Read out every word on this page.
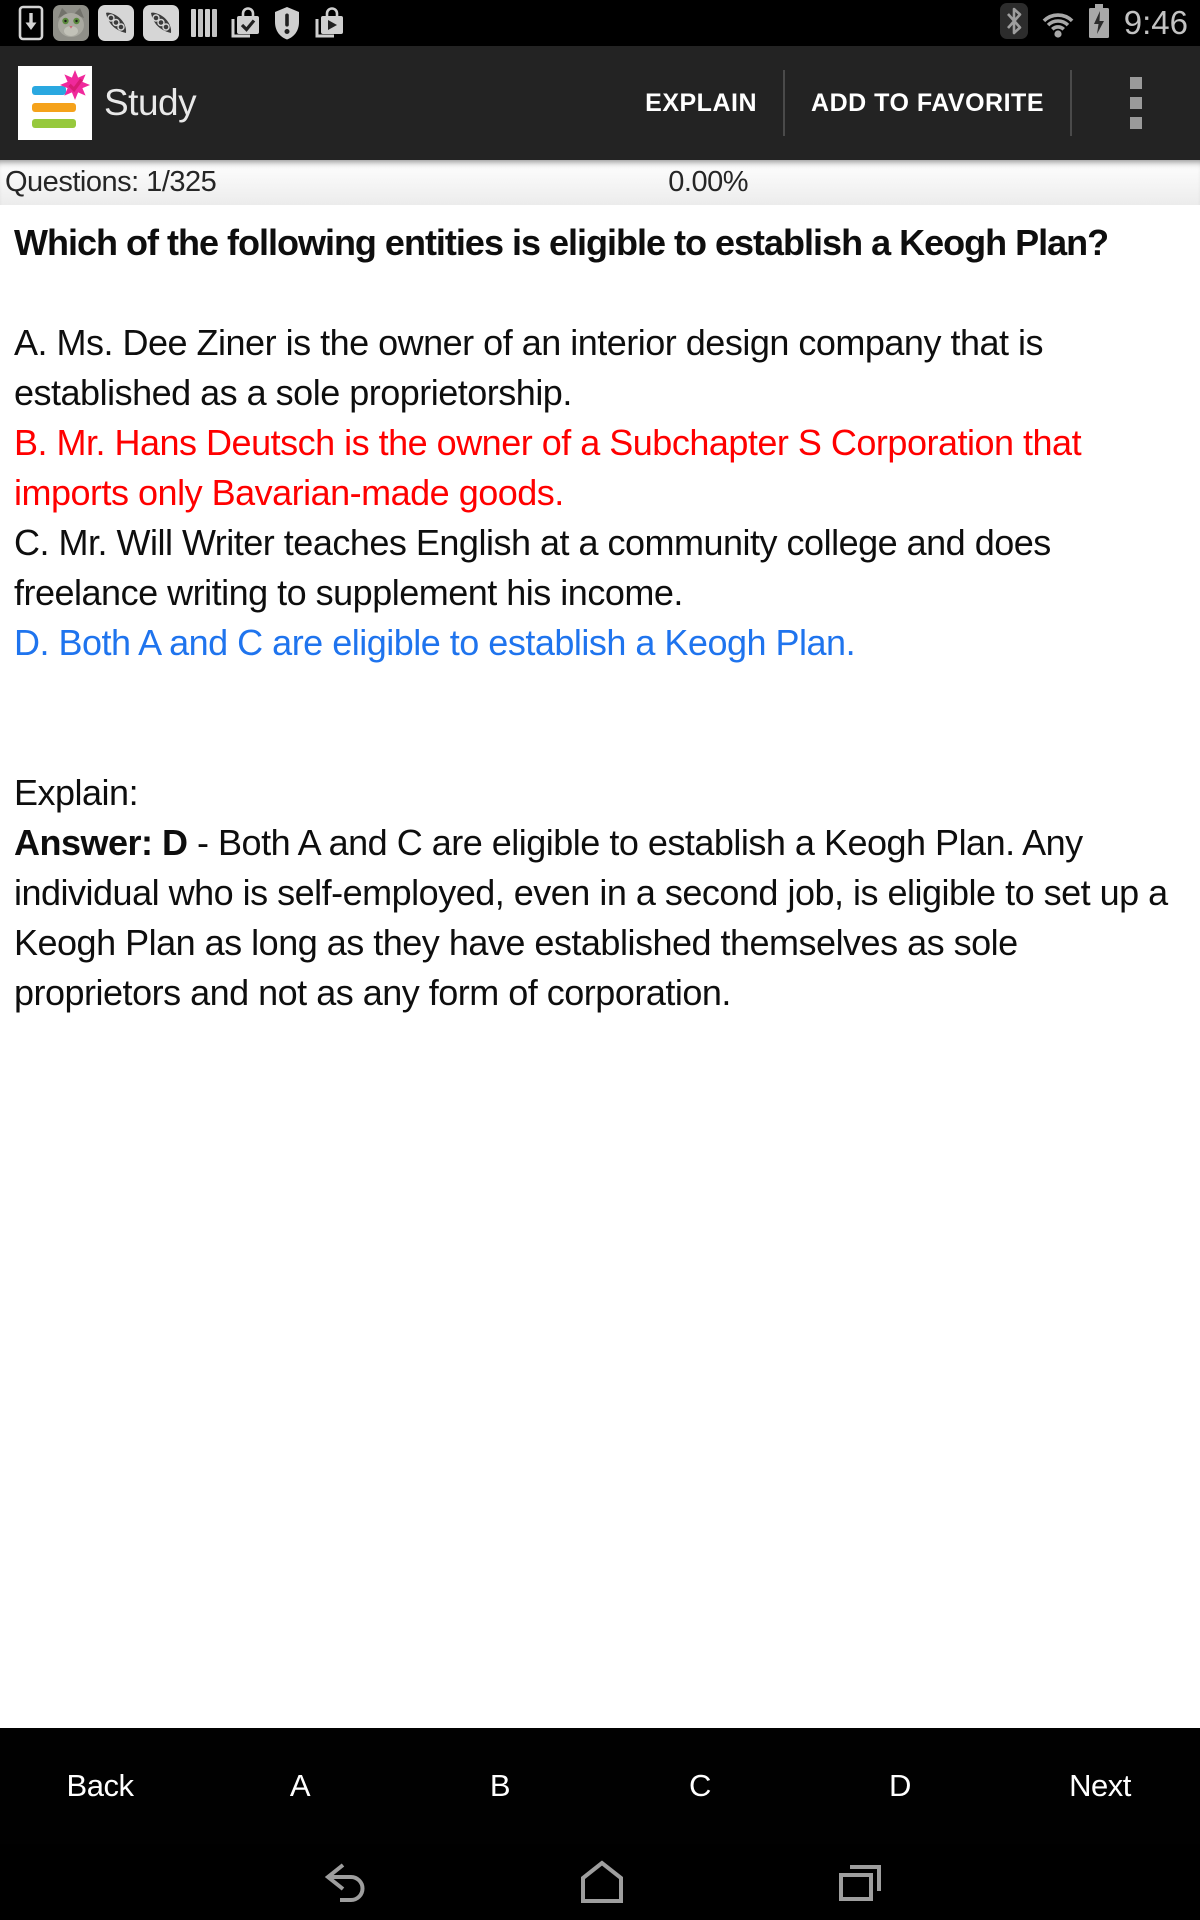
9:46
Study	EXPLAIN	ADD TO FAVORITE
Questions: 1/325	0.00%
Which of the following entities is eligible to establish a Keogh Plan?
A. Ms. Dee Ziner is the owner of an interior design company that is established as a sole proprietorship.
B. Mr. Hans Deutsch is the owner of a Subchapter S Corporation that imports only Bavarian-made goods.
C. Mr. Will Writer teaches English at a community college and does freelance writing to supplement his income.
D. Both A and C are eligible to establish a Keogh Plan.
Explain:
Answer: D - Both A and C are eligible to establish a Keogh Plan. Any individual who is self-employed, even in a second job, is eligible to set up a Keogh Plan as long as they have established themselves as sole proprietors and not as any form of corporation.
Back	A	B	C	D	Next
